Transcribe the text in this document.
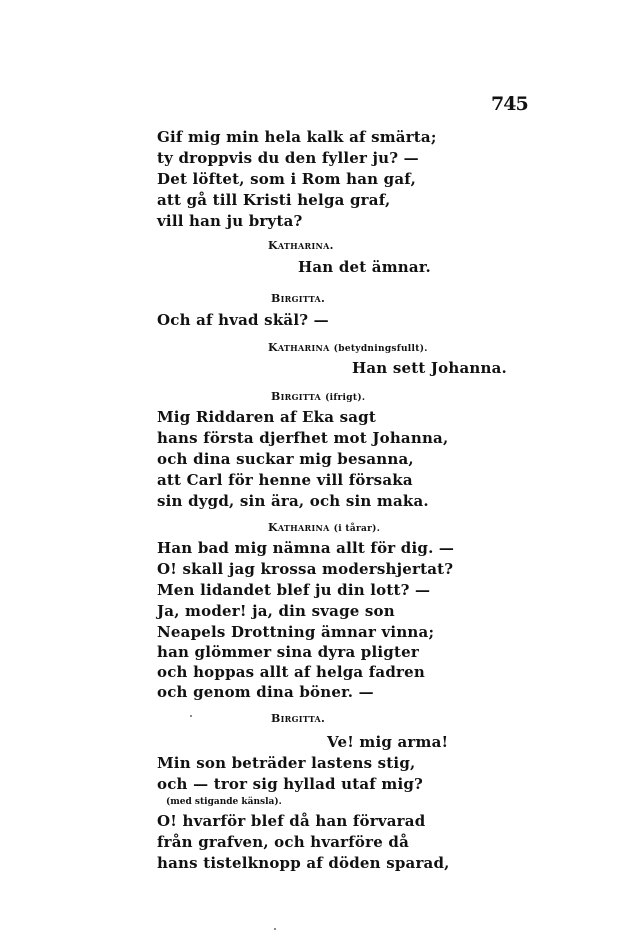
745
Gif mig min hela kalk af smärta;
ty droppvis du den fyller ju? —
Det löftet, som i Rom han gaf,
att gå till Kristi helga graf,
vill han ju bryta?
Katharina.
Han det ämnar.
Birgitta.
Och af hvad skäl? —
Katharina (betydningsfullt).
Han sett Johanna.
Birgitta (ifrigt).
Mig Riddaren af Eka sagt
hans första djerfhet mot Johanna,
och dina suckar mig besanna,
att Carl för henne vill försaka
sin dygd, sin ära, och sin maka.
Katharina (i tårar).
Han bad mig nämna allt för dig. —
O! skall jag krossa modershjertat?
Men lidandet blef ju din lott? —
Ja, moder! ja, din svage son
Neapels Drottning ämnar vinna;
han glömmer sina dyra pligter
och hoppas allt af helga fadren
och genom dina böner. —
Birgitta.
Ve! mig arma!
Min son beträder lastens stig,
och — tror sig hyllad utaf mig?
(med stigande känsla).
O! hvarför blef då han förvarad
från grafven, och hvarföre då
hans tistelknopp af döden sparad,
